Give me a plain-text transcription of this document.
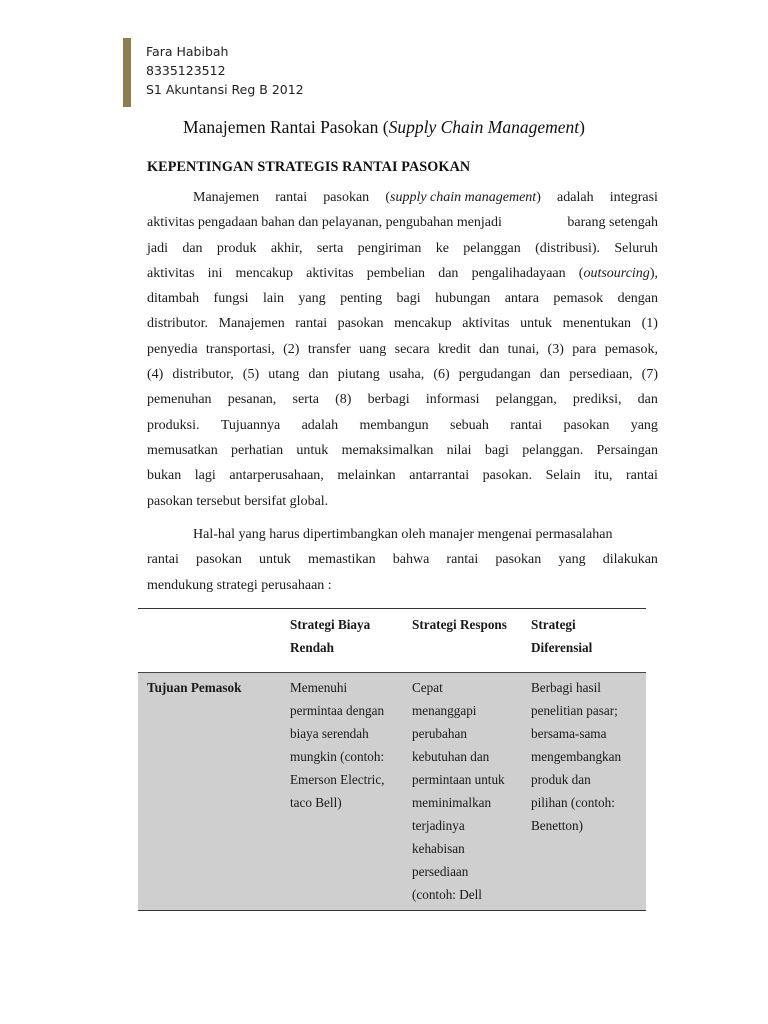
Fara Habibah
8335123512
S1 Akuntansi Reg B 2012
Manajemen Rantai Pasokan (Supply Chain Management)
KEPENTINGAN STRATEGIS RANTAI PASOKAN
Manajemen rantai pasokan (supply chain management) adalah integrasi
aktivitas pengadaan bahan dan pelayanan, pengubahan menjadi	barang setengah
jadi dan produk akhir, serta pengiriman ke pelanggan (distribusi). Seluruh
aktivitas ini mencakup aktivitas pembelian dan pengalihadayaan (outsourcing),
ditambah fungsi lain yang penting bagi hubungan antara pemasok dengan
distributor. Manajemen rantai pasokan mencakup aktivitas untuk menentukan (1)
penyedia transportasi, (2) transfer uang secara kredit dan tunai, (3) para pemasok,
(4) distributor, (5) utang dan piutang usaha, (6) pergudangan dan persediaan, (7)
pemenuhan pesanan, serta (8) berbagi informasi pelanggan, prediksi, dan
produksi. Tujuannya adalah membangun sebuah rantai pasokan yang
memusatkan perhatian untuk memaksimalkan nilai bagi pelanggan. Persaingan
bukan lagi antarperusahaan, melainkan antarrantai pasokan. Selain itu, rantai
pasokan tersebut bersifat global.
Hal-hal yang harus dipertimbangkan oleh manajer mengenai permasalahan
rantai pasokan untuk memastikan bahwa rantai pasokan yang dilakukan
mendukung strategi perusahaan :
Strategi Biaya
Rendah
Strategi Respons Strategi
Diferensial
Tujuan Pemasok	Memenuhi
permintaa dengan
biaya serendah
mungkin (contoh:
Emerson Electric,
taco Bell)
Cepat
menanggapi
perubahan
kebutuhan dan
permintaan untuk
meminimalkan
terjadinya
kehabisan
persediaan
(contoh: Dell
Berbagi hasil
penelitian pasar;
bersama-sama
mengembangkan
produk dan
pilihan (contoh:
Benetton)
